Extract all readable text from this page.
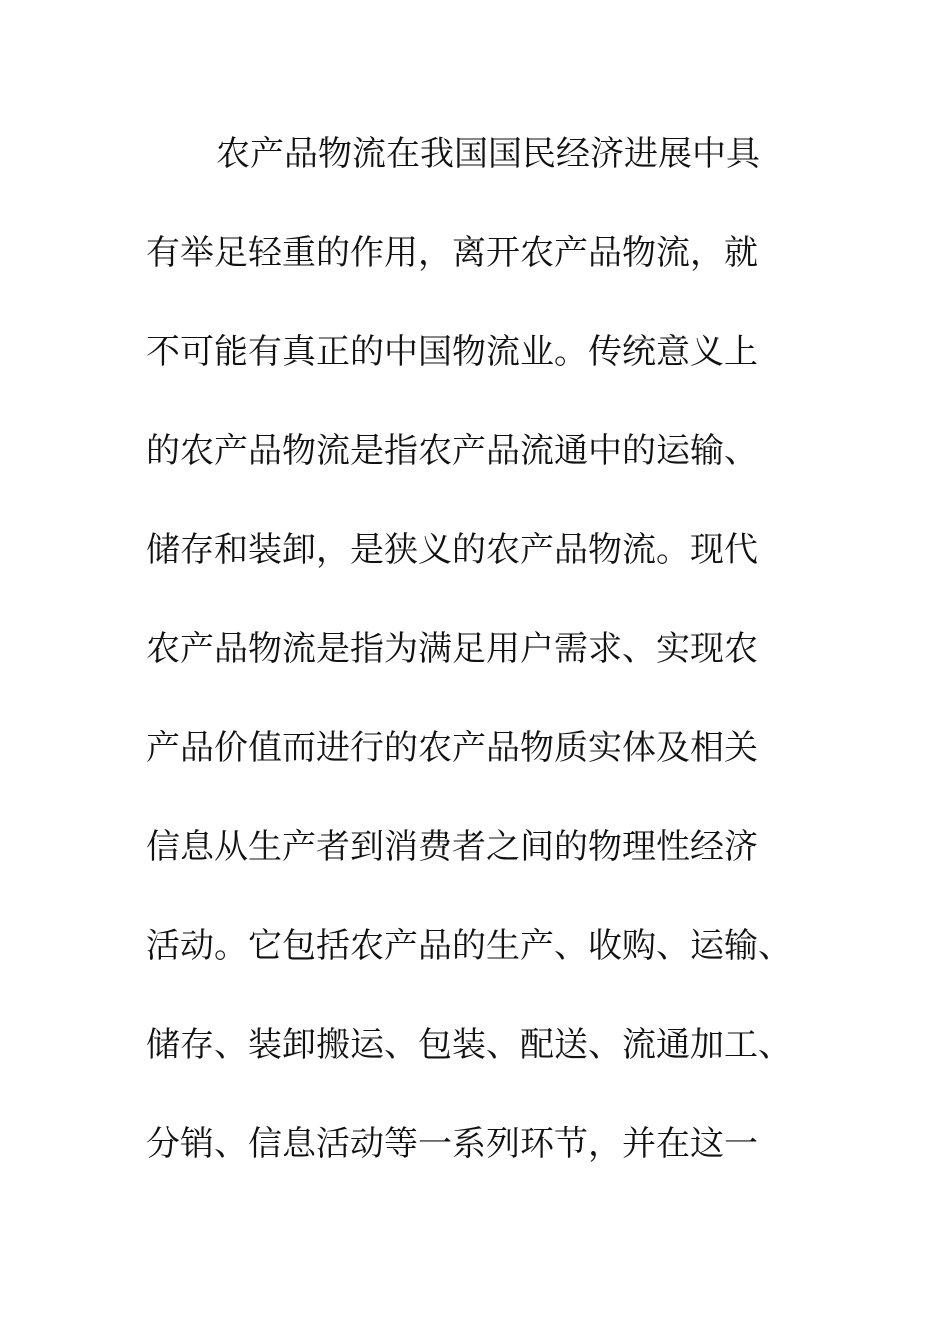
农产品物流在我国国民经济进展中具
有举足轻重的作用，离开农产品物流，就
不可能有真正的中国物流业。传统意义上
的农产品物流是指农产品流通中的运输、
储存和装卸，是狭义的农产品物流。现代
农产品物流是指为满足用户需求、实现农
产品价值而进行的农产品物质实体及相关
信息从生产者到消费者之间的物理性经济
活动。它包括农产品的生产、收购、运输、
储存、装卸搬运、包装、配送、流通加工、
分销、信息活动等一系列环节，并在这一
